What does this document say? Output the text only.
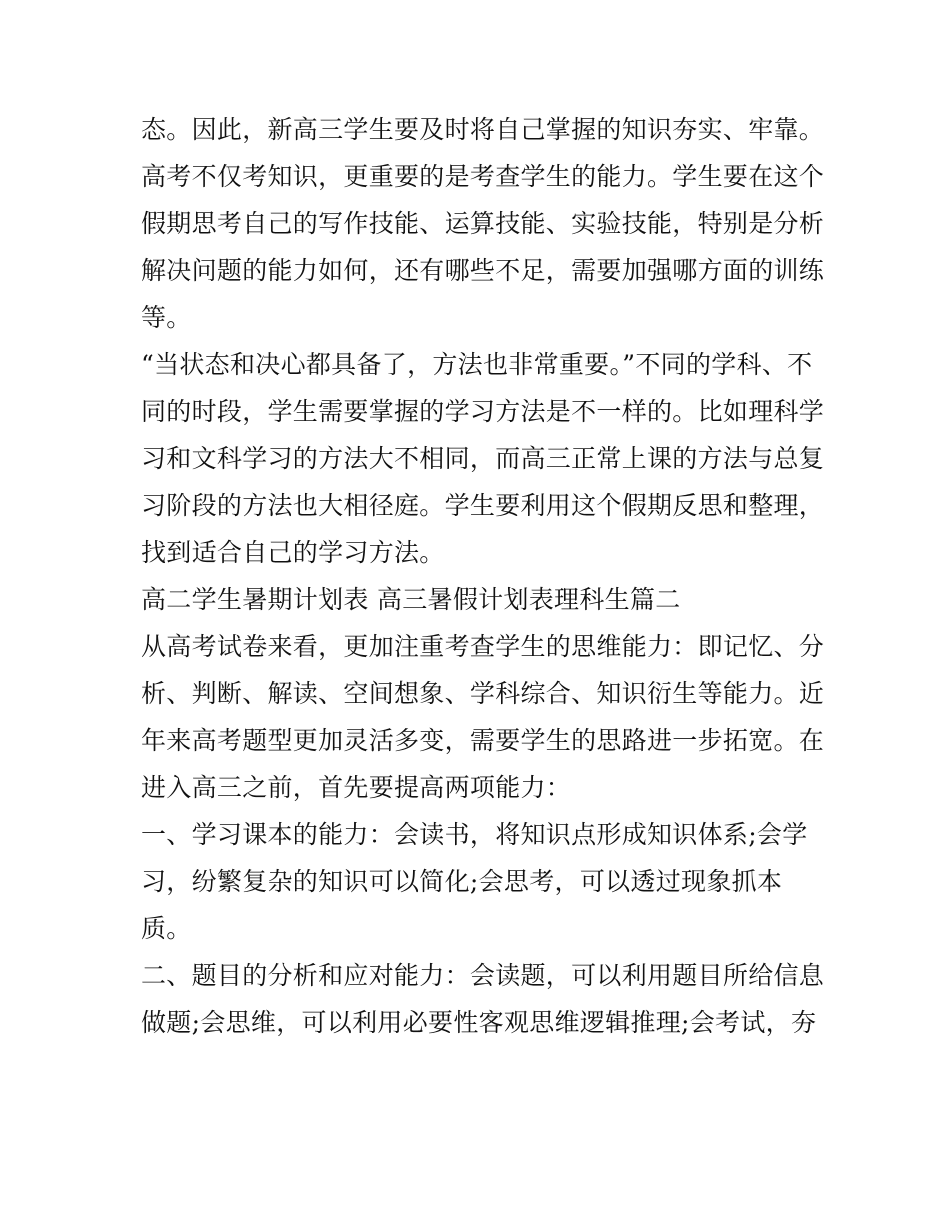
态。因此，新高三学生要及时将自己掌握的知识夯实、牢靠。
高考不仅考知识，更重要的是考查学生的能力。学生要在这个
假期思考自己的写作技能、运算技能、实验技能，特别是分析
解决问题的能力如何，还有哪些不足，需要加强哪方面的训练
等。
“当状态和决心都具备了，方法也非常重要。”不同的学科、不
同的时段，学生需要掌握的学习方法是不一样的。比如理科学
习和文科学习的方法大不相同，而高三正常上课的方法与总复
习阶段的方法也大相径庭。学生要利用这个假期反思和整理，
找到适合自己的学习方法。
高二学生暑期计划表 高三暑假计划表理科生篇二
从高考试卷来看，更加注重考查学生的思维能力：即记忆、分
析、判断、解读、空间想象、学科综合、知识衍生等能力。近
年来高考题型更加灵活多变，需要学生的思路进一步拓宽。在
进入高三之前，首先要提高两项能力：
一、学习课本的能力：会读书，将知识点形成知识体系;会学
习，纷繁复杂的知识可以简化;会思考，可以透过现象抓本
质。
二、题目的分析和应对能力：会读题，可以利用题目所给信息
做题;会思维，可以利用必要性客观思维逻辑推理;会考试，夯
